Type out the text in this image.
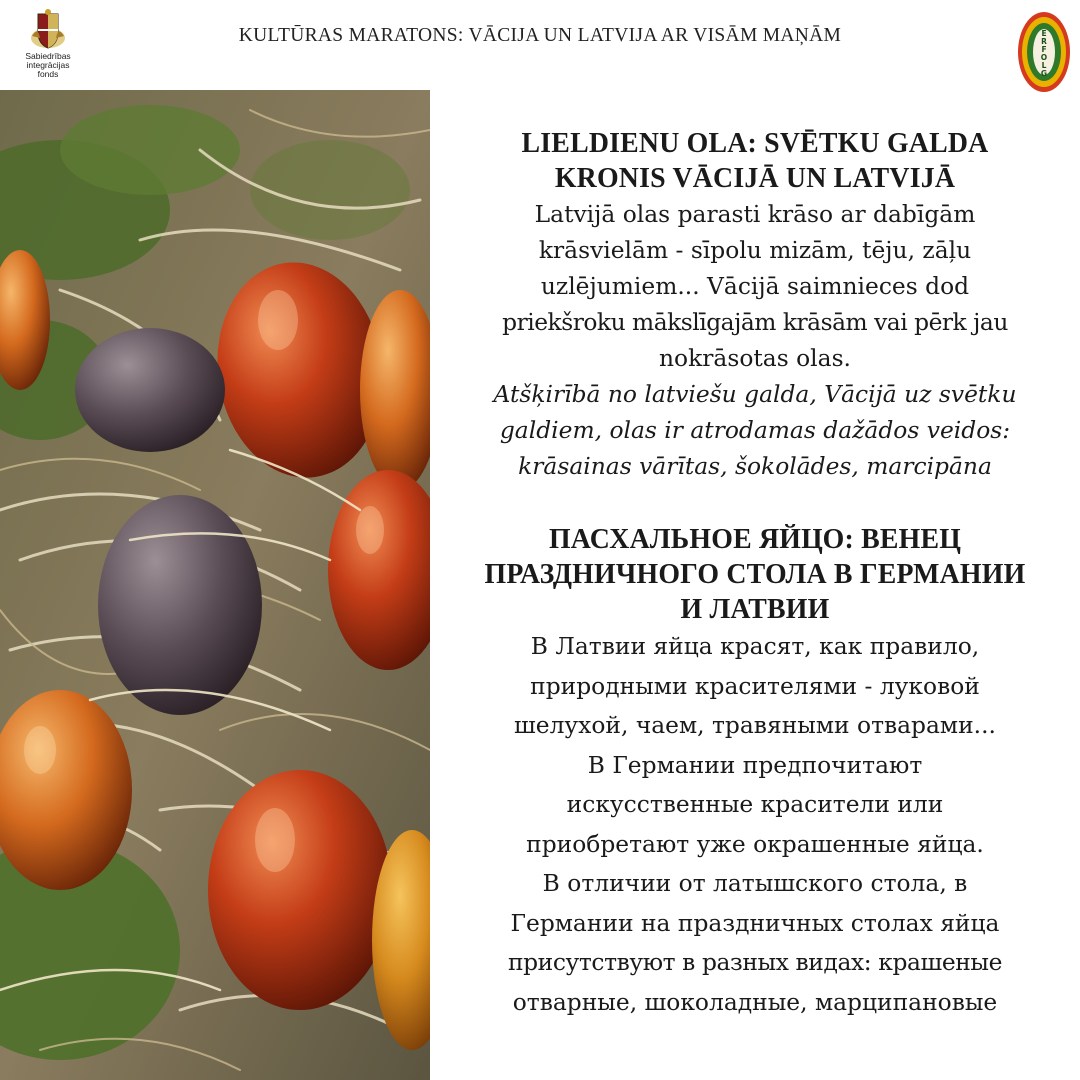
Sabiedrības integrācijas
fonds
KULTŪRAS MARATONS: VĀCIJA UN LATVIJA AR VISĀM MAŅĀM	E
R
F
O
L
G
LIELDIENU OLA: SVĒTKU GALDA
KRONIS VĀCIJĀ UN LATVIJĀ
Latvijā olas parasti krāso ar dabīgām
krāsvielām - sīpolu mizām, tēju, zāļu
uzlējumiem... Vācijā saimnieces dod
priekšroku mākslīgajām krāsām vai pērk jau
nokrāsotas olas.
Atšķirībā no latviešu galda, Vācijā uz svētku
galdiem, olas ir atrodamas dažādos veidos:
krāsainas vārītas, šokolādes, marcipāna
ПАСХАЛЬНОЕ ЯЙЦО: ВЕНЕЦ
ПРАЗДНИЧНОГО СТОЛА В ГЕРМАНИИ
И ЛАТВИИ
В Латвии яйца красят, как правило,
природными красителями - луковой
шелухой, чаем, травяными отварами...
В Германии предпочитают
искусственные красители или
приобретают уже окрашенные яйца.
В отличии от латышского стола, в
Германии на праздничных столах яйца
присутствуют в разных видах: крашеные
отварные, шоколадные, марципановые
